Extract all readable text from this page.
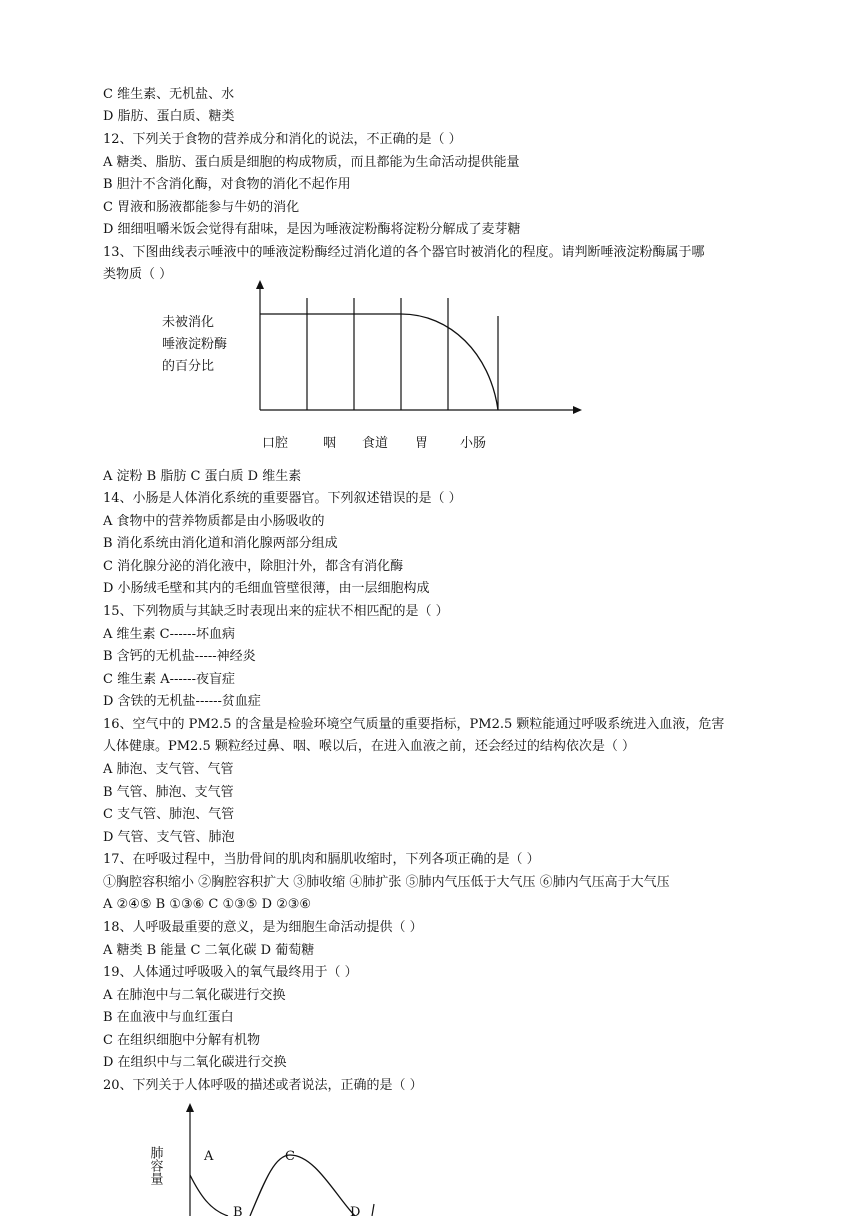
C 维生素、无机盐、水
D 脂肪、蛋白质、糖类
12、下列关于食物的营养成分和消化的说法，不正确的是（ ）
A 糖类、脂肪、蛋白质是细胞的构成物质，而且都能为生命活动提供能量
B 胆汁不含消化酶，对食物的消化不起作用
C 胃液和肠液都能参与牛奶的消化
D 细细咀嚼米饭会觉得有甜味，是因为唾液淀粉酶将淀粉分解成了麦芽糖
13、下图曲线表示唾液中的唾液淀粉酶经过消化道的各个器官时被消化的程度。请判断唾液淀粉酶属于哪
类物质（ ）
未被消化
唾液淀粉酶
的百分比
口腔	咽 食道 胃 小肠
A 淀粉 B 脂肪 C 蛋白质 D 维生素
14、小肠是人体消化系统的重要器官。下列叙述错误的是（ ）
A 食物中的营养物质都是由小肠吸收的
B 消化系统由消化道和消化腺两部分组成
C 消化腺分泌的消化液中，除胆汁外，都含有消化酶
D 小肠绒毛壁和其内的毛细血管壁很薄，由一层细胞构成
15、下列物质与其缺乏时表现出来的症状不相匹配的是（ ）
A 维生素 C------坏血病
B 含钙的无机盐-----神经炎
C 维生素 A------夜盲症
D 含铁的无机盐------贫血症
16、空气中的 PM2.5 的含量是检验环境空气质量的重要指标，PM2.5 颗粒能通过呼吸系统进入血液，危害
人体健康。PM2.5 颗粒经过鼻、咽、喉以后，在进入血液之前，还会经过的结构依次是（ ）
A 肺泡、支气管、气管
B 气管、肺泡、支气管
C 支气管、肺泡、气管
D 气管、支气管、肺泡
17、在呼吸过程中，当肋骨间的肌肉和膈肌收缩时，下列各项正确的是（ ）
①胸腔容积缩小 ②胸腔容积扩大 ③肺收缩 ④肺扩张 ⑤肺内气压低于大气压 ⑥肺内气压高于大气压
A ②④⑤ B ①③⑥ C ①③⑤ D ②③⑥
18、人呼吸最重要的意义，是为细胞生命活动提供（ ）
A 糖类 B 能量 C 二氧化碳 D 葡萄糖
19、人体通过呼吸吸入的氧气最终用于（ ）
A 在肺泡中与二氧化碳进行交换
B 在血液中与血红蛋白
C 在组织细胞中分解有机物
D 在组织中与二氧化碳进行交换
20、下列关于人体呼吸的描述或者说法，正确的是（ ）
肺容量	A
B
C
D
